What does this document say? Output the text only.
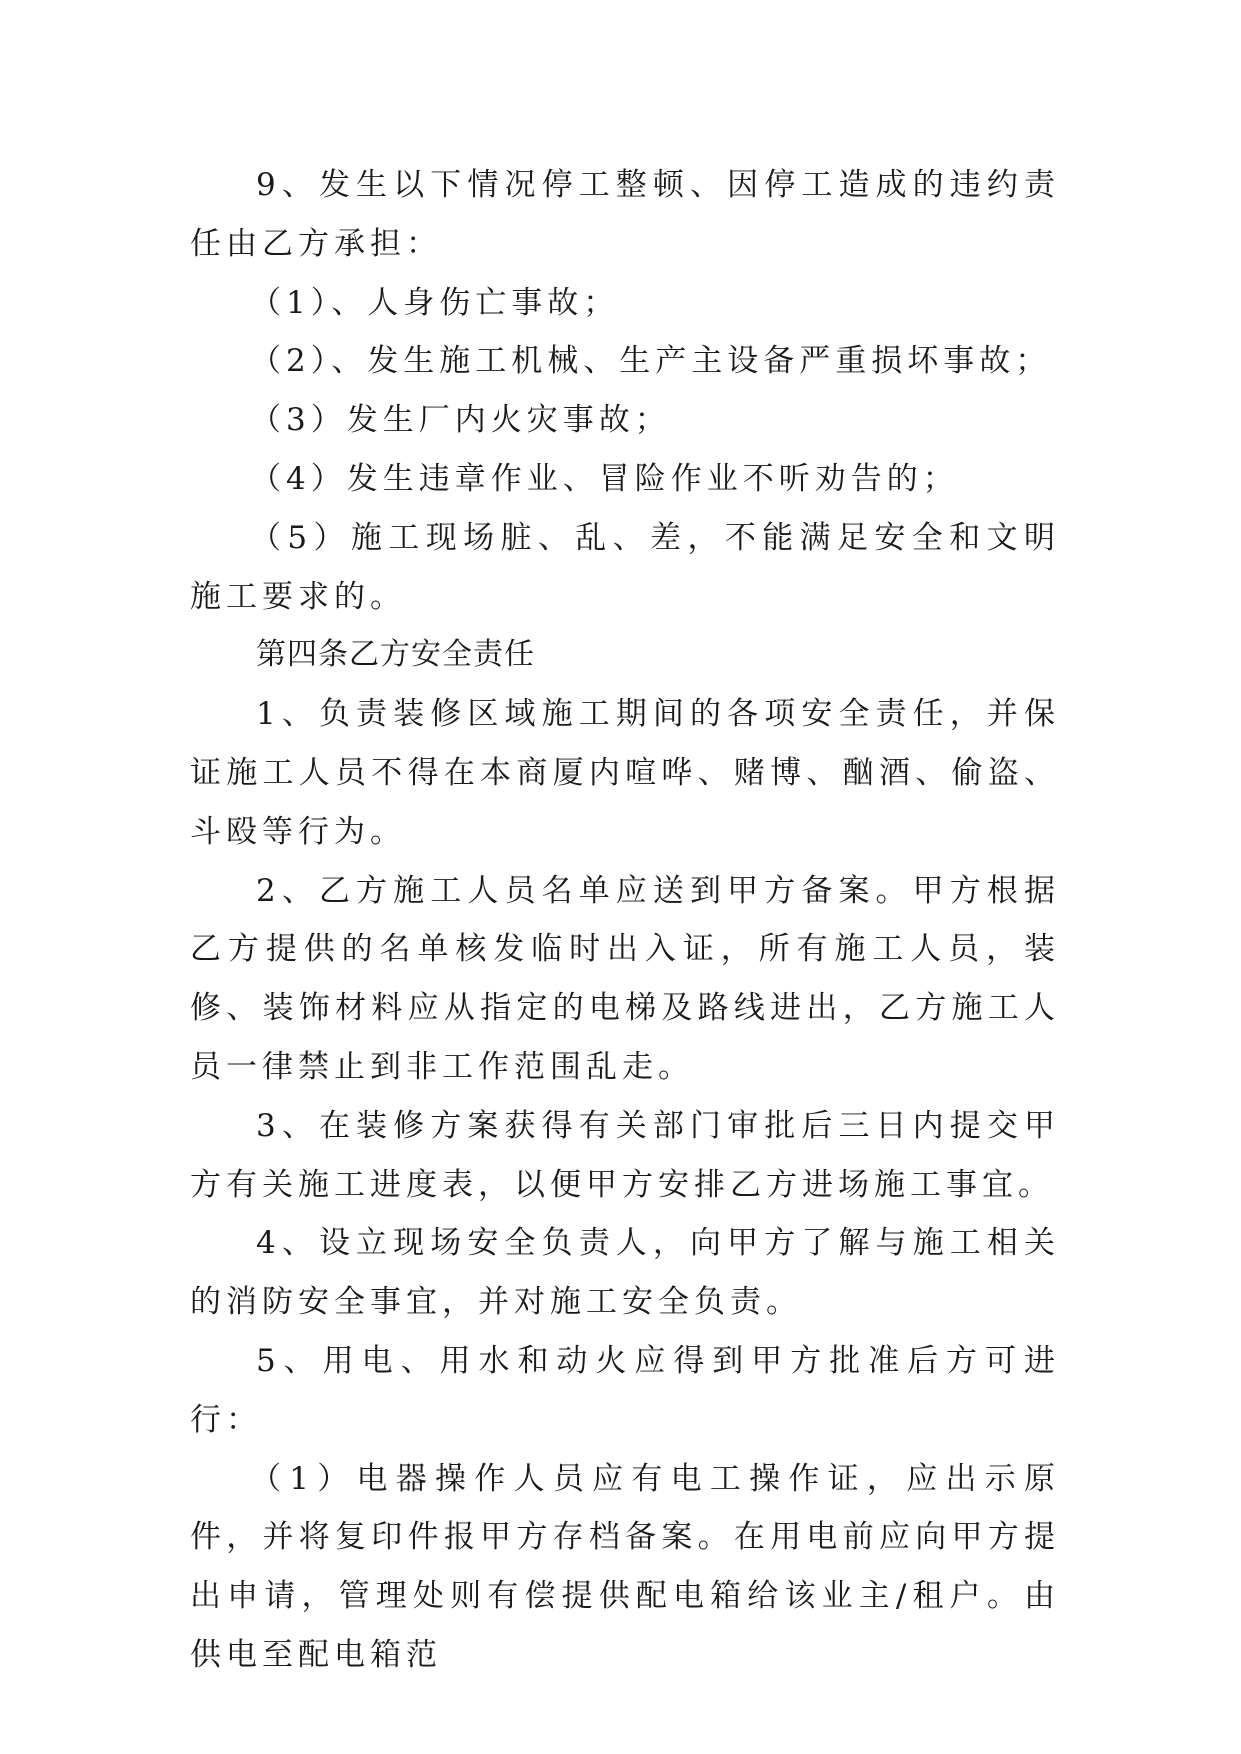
9、发生以下情况停工整顿、因停工造成的违约责任由乙方承担：

（1）、人身伤亡事故；

（2）、发生施工机械、生产主设备严重损坏事故；

（3）发生厂内火灾事故；

（4）发生违章作业、冒险作业不听劝告的；

（5）施工现场脏、乱、差，不能满足安全和文明施工要求的。

第四条乙方安全责任

1、负责装修区域施工期间的各项安全责任，并保证施工人员不得在本商厦内喧哗、赌博、酗酒、偷盗、斗殴等行为。

2、乙方施工人员名单应送到甲方备案。甲方根据乙方提供的名单核发临时出入证，所有施工人员，装修、装饰材料应从指定的电梯及路线进出，乙方施工人员一律禁止到非工作范围乱走。

3、在装修方案获得有关部门审批后三日内提交甲方有关施工进度表，以便甲方安排乙方进场施工事宜。

4、设立现场安全负责人，向甲方了解与施工相关的消防安全事宜，并对施工安全负责。

5、用电、用水和动火应得到甲方批准后方可进行：

（1）电器操作人员应有电工操作证，应出示原件，并将复印件报甲方存档备案。在用电前应向甲方提出申请，管理处则有偿提供配电箱给该业主/租户。由供电至配电箱范
